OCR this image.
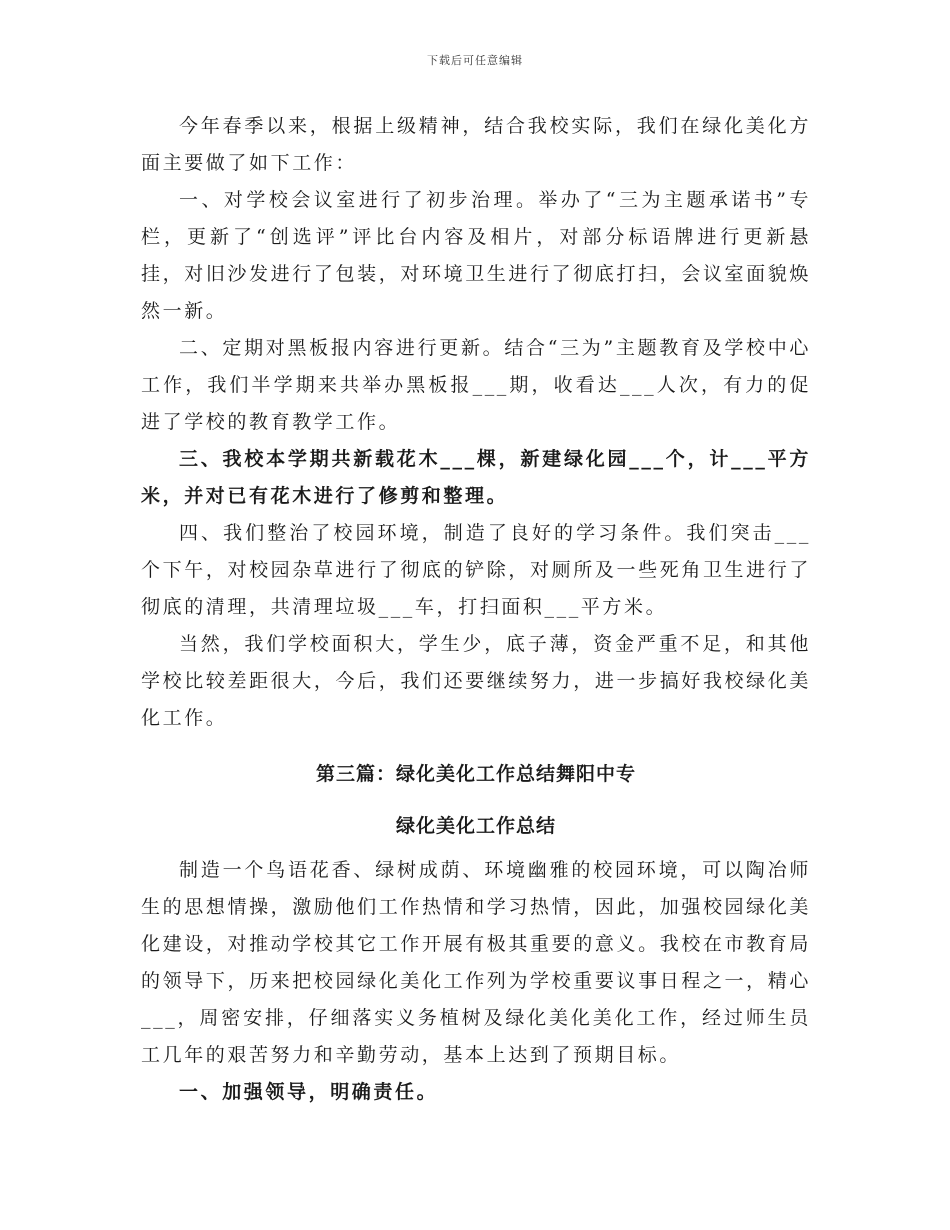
下载后可任意编辑

今年春季以来，根据上级精神，结合我校实际，我们在绿化美化方面主要做了如下工作：

一、对学校会议室进行了初步治理。举办了“三为主题承诺书”专栏，更新了“创选评”评比台内容及相片，对部分标语牌进行更新悬挂，对旧沙发进行了包装，对环境卫生进行了彻底打扫，会议室面貌焕然一新。

二、定期对黑板报内容进行更新。结合“三为”主题教育及学校中心工作，我们半学期来共举办黑板报___期，收看达___人次，有力的促进了学校的教育教学工作。

三、我校本学期共新载花木___棵，新建绿化园___个，计___平方米，并对已有花木进行了修剪和整理。

四、我们整治了校园环境，制造了良好的学习条件。我们突击___个下午，对校园杂草进行了彻底的铲除，对厕所及一些死角卫生进行了彻底的清理，共清理垃圾___车，打扫面积___平方米。

当然，我们学校面积大，学生少，底子薄，资金严重不足，和其他学校比较差距很大，今后，我们还要继续努力，进一步搞好我校绿化美化工作。

第三篇：绿化美化工作总结舞阳中专

绿化美化工作总结

制造一个鸟语花香、绿树成荫、环境幽雅的校园环境，可以陶冶师生的思想情操，激励他们工作热情和学习热情，因此，加强校园绿化美化建设，对推动学校其它工作开展有极其重要的意义。我校在市教育局的领导下，历来把校园绿化美化工作列为学校重要议事日程之一，精心___，周密安排，仔细落实义务植树及绿化美化美化工作，经过师生员工几年的艰苦努力和辛勤劳动，基本上达到了预期目标。

一、加强领导，明确责任。
